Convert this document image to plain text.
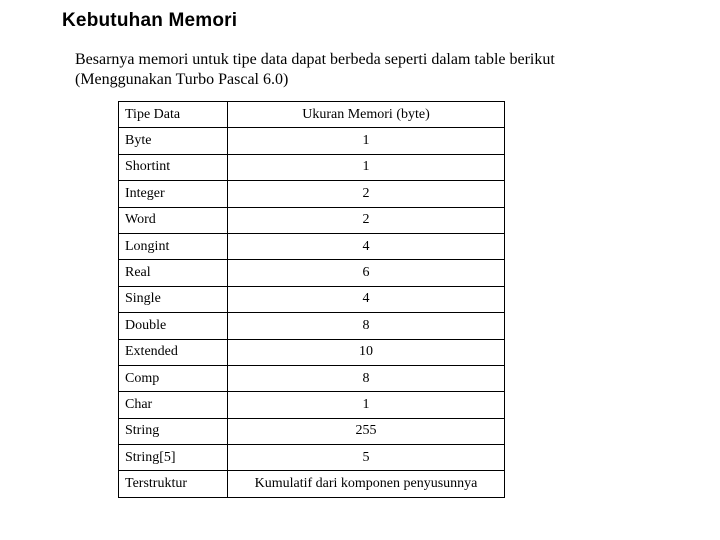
Kebutuhan Memori

Besarnya memori untuk tipe data dapat berbeda seperti dalam table berikut

(Menggunakan Turbo Pascal 6.0)

Tipe Data	Ukuran Memori (byte)
Byte	1
Shortint	1
Integer	2
Word	2
Longint	4
Real	6
Single	4
Double	8
Extended	10
Comp	8
Char	1
String	255
String[5]	5
Terstruktur	Kumulatif dari komponen penyusunnya
